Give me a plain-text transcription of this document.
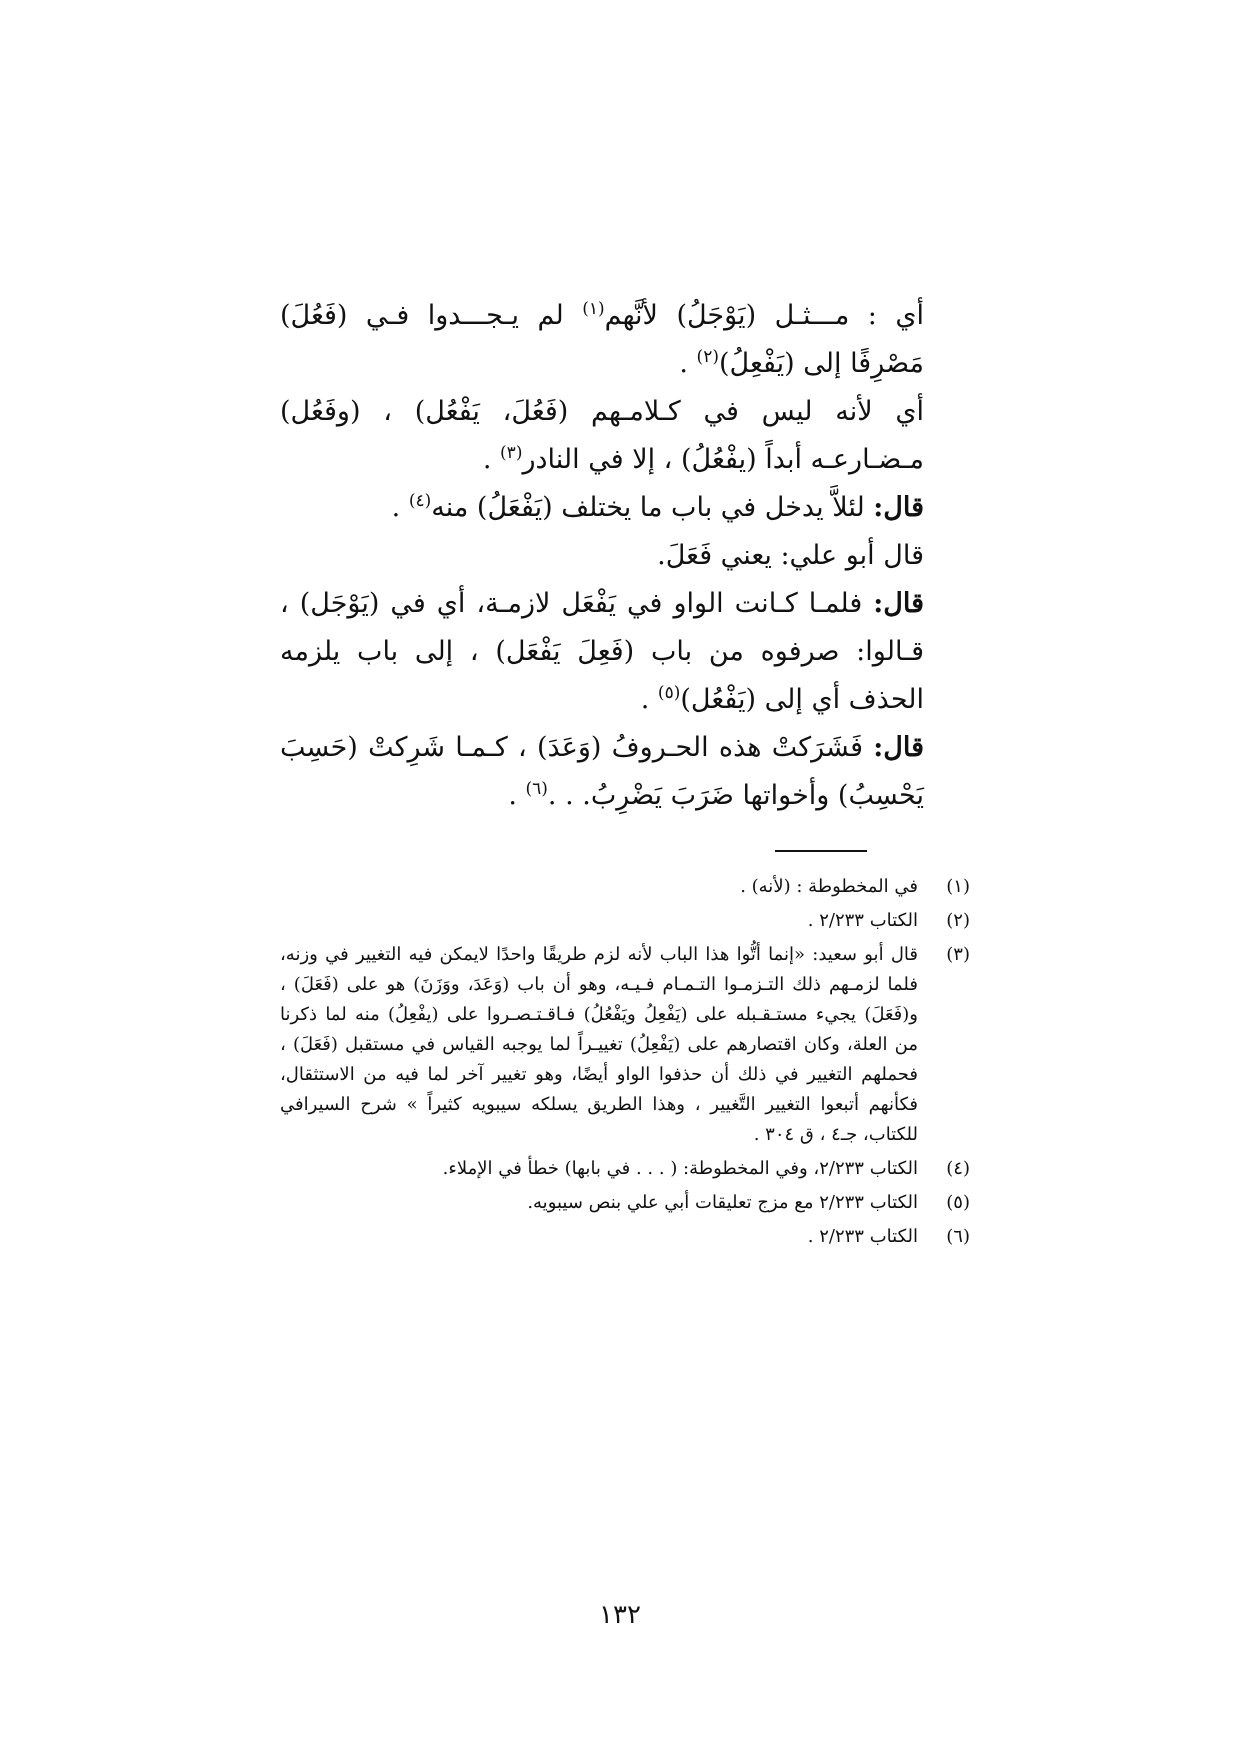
أي : مـــثـل (يَوْجَلُ) لأنَّهم$^{(١)}$ لم يـجـــدوا فـي (فَعُلَ) مَصْرِفًا إلى (يَفْعِلُ)$^{(٢)}$ .

أي لأنه ليس في كـلامـهم (فَعُلَ، يَفْعُل) ، (وفَعُل) مـضـارعـه أبداً (يفْعُلُ) ، إلا في النادر$^{(٣)}$ .

قال: لئلاَّ يدخل في باب ما يختلف (يَفْعَلُ) منه$^{(٤)}$ .

قال أبو علي: يعني فَعَلَ.

قال: فلمـا كـانت الواو في يَفْعَل لازمـة، أي في (يَوْجَل) ، قـالوا: صرفوه من باب (فَعِلَ يَفْعَل) ، إلى باب يلزمه الحذف أي إلى (يَفْعُل)$^{(٥)}$ .

قال: فَشَرَكتْ هذه الحـروفُ (وَعَدَ) ، كـمـا شَرِكتْ (حَسِبَ يَحْسِبُ) وأخواتها ضَرَبَ يَضْرِبُ. . .$^{(٦)}$ .

(١)
في المخطوطة : (لأنه) .
(٢)
الكتاب ٢/٢٣٣ .
(٣)
قال أبو سعيد: «إنما أتُّوا هذا الباب لأنه لزم طريقًا واحدًا لايمكن فيه التغيير في وزنه، فلما لزمـهم ذلك التـزمـوا التـمـام فـيـه، وهو أن باب (وَعَدَ، ووَزَنَ) هو على (فَعَلَ) ، و(فَعَلَ) يجيء مستـقـبله على (يَفْعِلُ ويَفْعُلُ) فـاقـتـصـروا على (يفْعِلُ) منه لما ذكرنا من العلة، وكان اقتصارهم على (يَفْعِلُ) تغييـراً لما يوجبه القياس في مستقبل (فَعَلَ) ، فحملهم التغيير في ذلك أن حذفوا الواو أيضًا، وهو تغيير آخر لما فيه من الاستثقال، فكأنهم أتبعوا التغيير التَّغيير ، وهذا الطريق يسلكه سيبويه كثيراً » شرح السيرافي للكتاب، جـ٤ ، ق ٣٠٤ .
(٤)
الكتاب ٢/٢٣٣، وفي المخطوطة: ( . . . في بابها) خطأ في الإملاء.
(٥)
الكتاب ٢/٢٣٣ مع مزج تعليقات أبي علي بنص سيبويه.
(٦)
الكتاب ٢/٢٣٣ .
١٣٢
